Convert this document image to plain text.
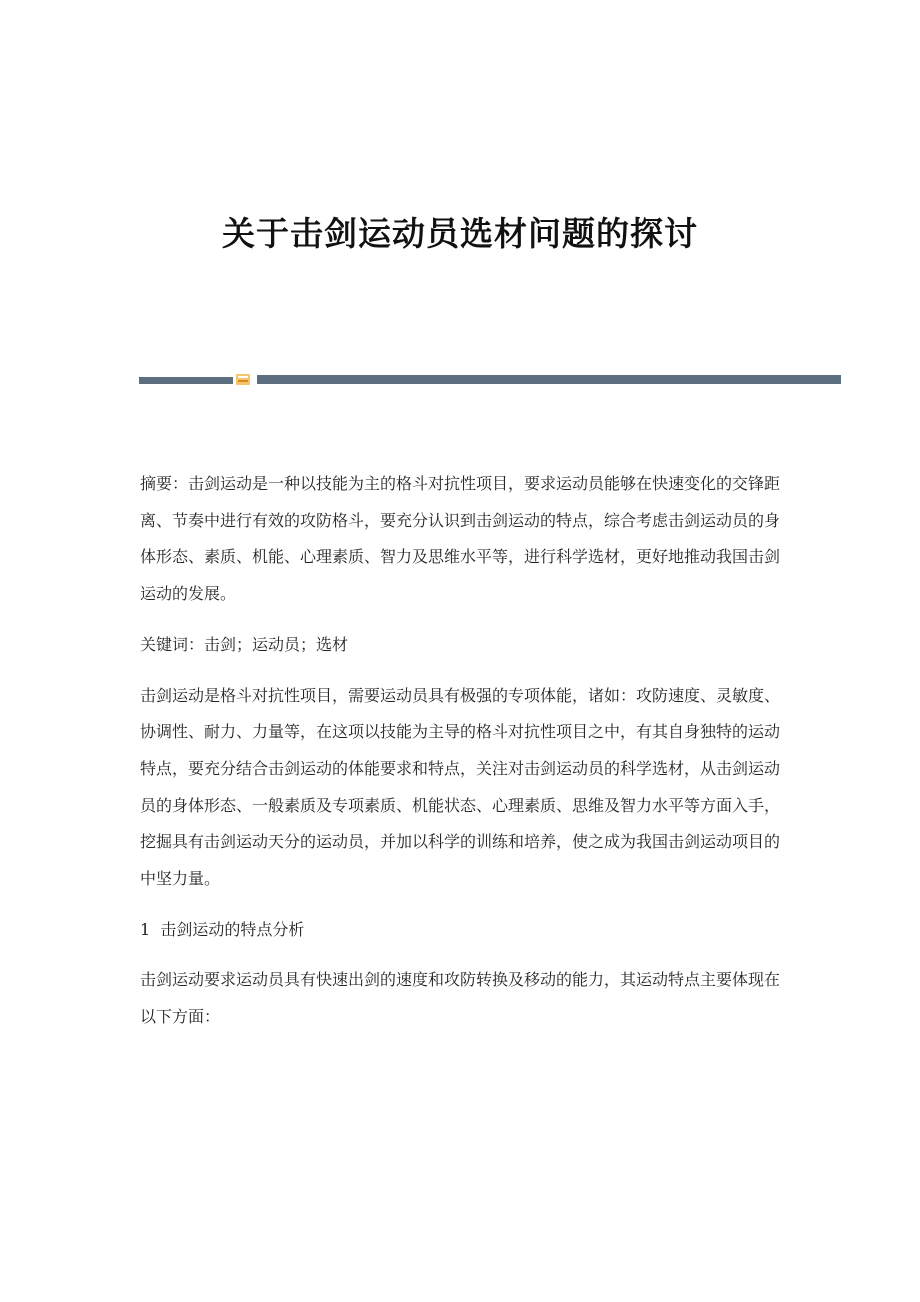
关于击剑运动员选材问题的探讨

摘要：击剑运动是一种以技能为主的格斗对抗性项目，要求运动员能够在快速变化的交锋距离、节奏中进行有效的攻防格斗，要充分认识到击剑运动的特点，综合考虑击剑运动员的身体形态、素质、机能、心理素质、智力及思维水平等，进行科学选材，更好地推动我国击剑运动的发展。

关键词：击剑；运动员；选材

击剑运动是格斗对抗性项目，需要运动员具有极强的专项体能，诸如：攻防速度、灵敏度、协调性、耐力、力量等，在这项以技能为主导的格斗对抗性项目之中，有其自身独特的运动特点，要充分结合击剑运动的体能要求和特点，关注对击剑运动员的科学选材，从击剑运动员的身体形态、一般素质及专项素质、机能状态、心理素质、思维及智力水平等方面入手，挖掘具有击剑运动天分的运动员，并加以科学的训练和培养，使之成为我国击剑运动项目的中坚力量。

1  击剑运动的特点分析

击剑运动要求运动员具有快速出剑的速度和攻防转换及移动的能力，其运动特点主要体现在以下方面：
